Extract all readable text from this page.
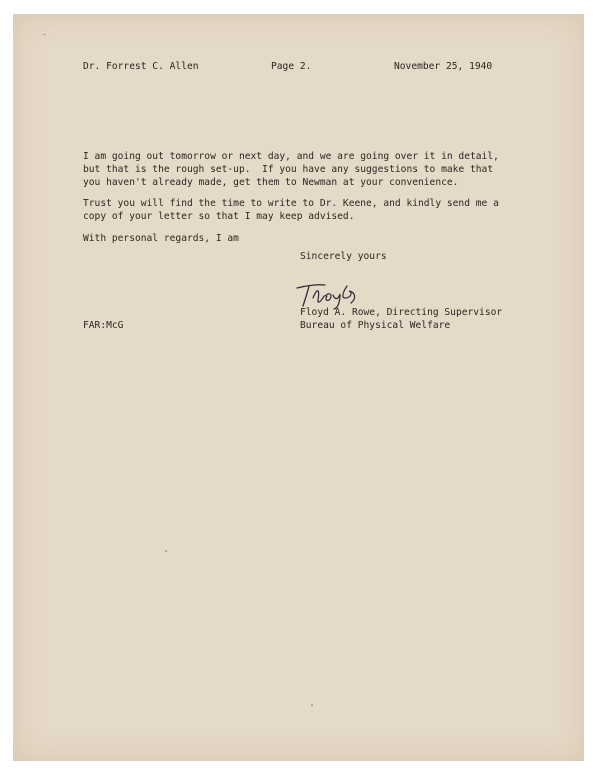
Dr. Forrest C. Allen	Page 2.	November 25, 1940
I am going out tomorrow or next day, and we are going over it in detail,
but that is the rough set-up.  If you have any suggestions to make that
you haven't already made, get them to Newman at your convenience.
Trust you will find the time to write to Dr. Keene, and kindly send me a
copy of your letter so that I may keep advised.
With personal regards, I am
Sincerely yours
Floyd A. Rowe, Directing Supervisor
Bureau of Physical Welfare
FAR:McG
